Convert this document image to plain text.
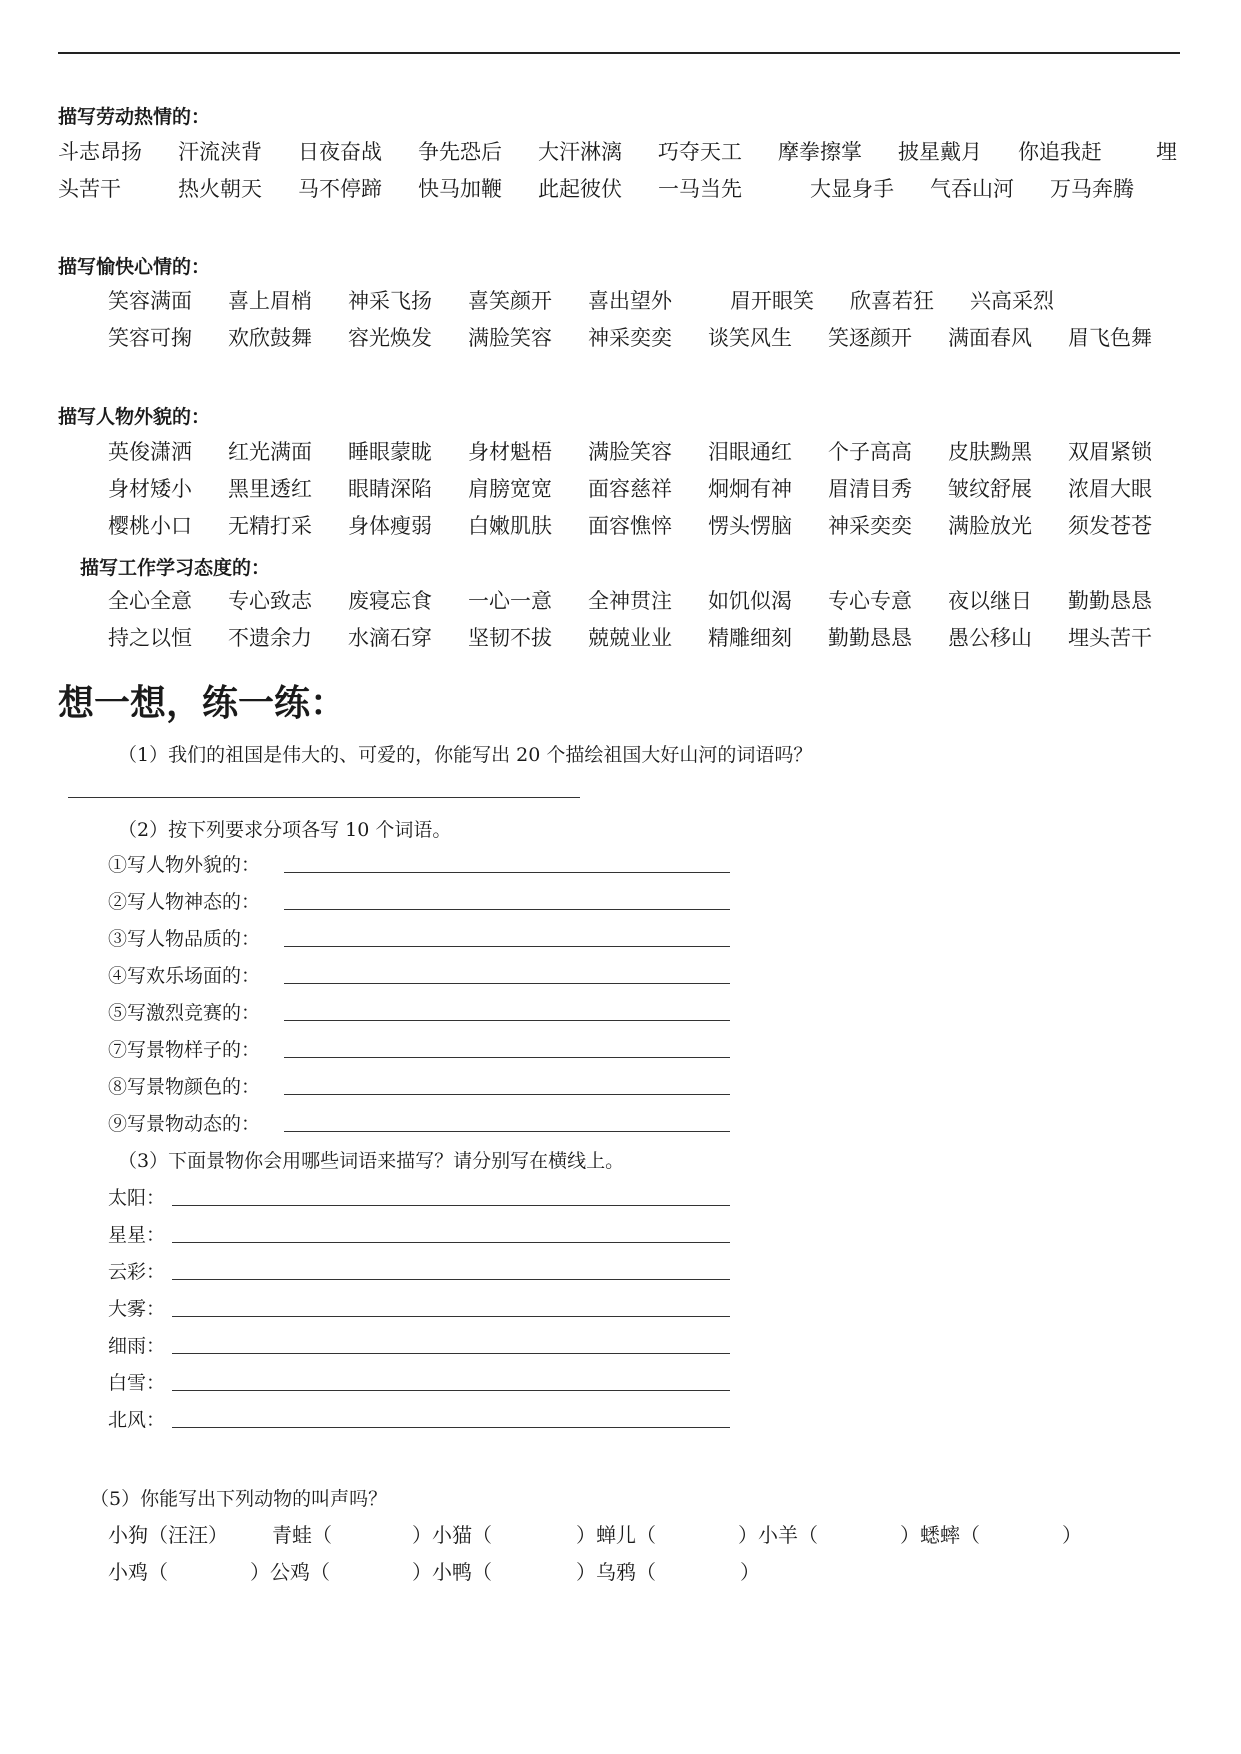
描写劳动热情的：
斗志昂扬 汗流浃背 日夜奋战 争先恐后 大汗淋漓 巧夺天工 摩拳擦掌 披星戴月 你追我赶	埋
头苦干	热火朝天 马不停蹄 快马加鞭 此起彼伏 一马当先	大显身手 气吞山河 万马奔腾
描写愉快心情的：
笑容满面 喜上眉梢 神采飞扬 喜笑颜开 喜出望外	眉开眼笑 欣喜若狂 兴高采烈
笑容可掬 欢欣鼓舞 容光焕发 满脸笑容 神采奕奕 谈笑风生 笑逐颜开 满面春风 眉飞色舞
描写人物外貌的：
英俊潇洒 红光满面 睡眼蒙眬 身材魁梧 满脸笑容 泪眼通红 个子高高 皮肤黝黑 双眉紧锁
身材矮小 黑里透红 眼睛深陷 肩膀宽宽 面容慈祥 炯炯有神 眉清目秀 皱纹舒展 浓眉大眼
樱桃小口 无精打采 身体瘦弱 白嫩肌肤 面容憔悴 愣头愣脑 神采奕奕 满脸放光 须发苍苍
描写工作学习态度的：
全心全意 专心致志 废寝忘食 一心一意 全神贯注 如饥似渴 专心专意 夜以继日 勤勤恳恳
持之以恒 不遗余力 水滴石穿 坚韧不拔 兢兢业业 精雕细刻 勤勤恳恳 愚公移山 埋头苦干
想一想，练一练：
（1）我们的祖国是伟大的、可爱的，你能写出 20 个描绘祖国大好山河的词语吗？
（2）按下列要求分项各写 10 个词语。
①写人物外貌的：
②写人物神态的：
③写人物品质的：
④写欢乐场面的：
⑤写激烈竞赛的：
⑦写景物样子的：
⑧写景物颜色的：
⑨写景物动态的：
（3）下面景物你会用哪些词语来描写？请分别写在横线上。
太阳：
星星：
云彩：
大雾：
细雨：
白雪：
北风：
（5）你能写出下列动物的叫声吗？
小狗（汪汪） 青蛙（	）小猫（	）蝉儿（	）小羊（	）蟋蟀（	）
小鸡（	）公鸡（	）小鸭（	）乌鸦（	）
